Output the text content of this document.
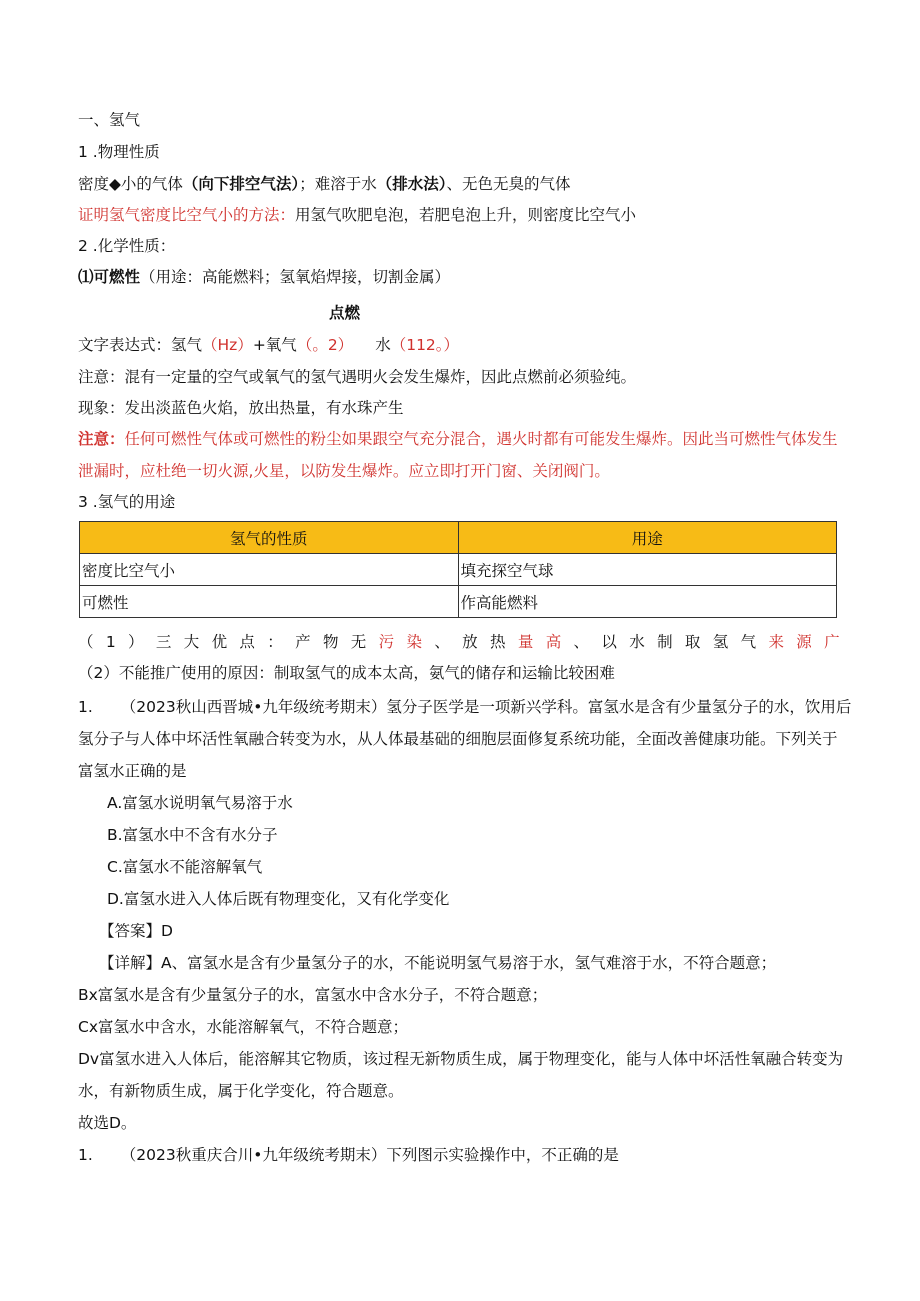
一、氢气
1 .物理性质
密度◆小的气体（向下排空气法）；难溶于水（排水法）、无色无臭的气体
证明氢气密度比空气小的方法：用氢气吹肥皂泡，若肥皂泡上升，则密度比空气小
2 .化学性质：
⑴可燃性（用途：高能燃料；氢氧焰焊接，切割金属）
点燃
文字表达式：氢气（Hz）+氧气（。2） 水（112。）
注意：混有一定量的空气或氧气的氢气遇明火会发生爆炸，因此点燃前必须验纯。
现象：发出淡蓝色火焰，放出热量，有水珠产生
注意：任何可燃性气体或可燃性的粉尘如果跟空气充分混合，遇火时都有可能发生爆炸。因此当可燃性气体发生
泄漏时，应杜绝一切火源,火星，以防发生爆炸。应立即打开门窗、关闭阀门。
3 .氢气的用途
氢气的性质	用途
密度比空气小	填充探空气球
可燃性	作高能燃料
（ 1 ） 三 大 优 点 ： 产 物 无 污 染 、 放 热 量 高 、 以 水 制 取 氢 气 来 源 广
（2）不能推广使用的原因：制取氢气的成本太高，氨气的储存和运输比较困难
1. （2023秋山西晋城•九年级统考期末）氢分子医学是一项新兴学科。富氢水是含有少量氢分子的水，饮用后
氢分子与人体中坏活性氧融合转变为水，从人体最基础的细胞层面修复系统功能，全面改善健康功能。下列关于
富氢水正确的是
A.富氢水说明氧气易溶于水
B.富氢水中不含有水分子
C.富氢水不能溶解氧气
D.富氢水进入人体后既有物理变化，又有化学变化
【答案】D
【详解】A、富氢水是含有少量氢分子的水，不能说明氢气易溶于水，氢气难溶于水，不符合题意；
Bx富氢水是含有少量氢分子的水，富氢水中含水分子，不符合题意；
Cx富氢水中含水，水能溶解氧气，不符合题意；
Dv富氢水进入人体后，能溶解其它物质，该过程无新物质生成，属于物理变化，能与人体中坏活性氧融合转变为
水，有新物质生成，属于化学变化，符合题意。
故选D。
1. （2023秋重庆合川•九年级统考期末）下列图示实验操作中，不正确的是
